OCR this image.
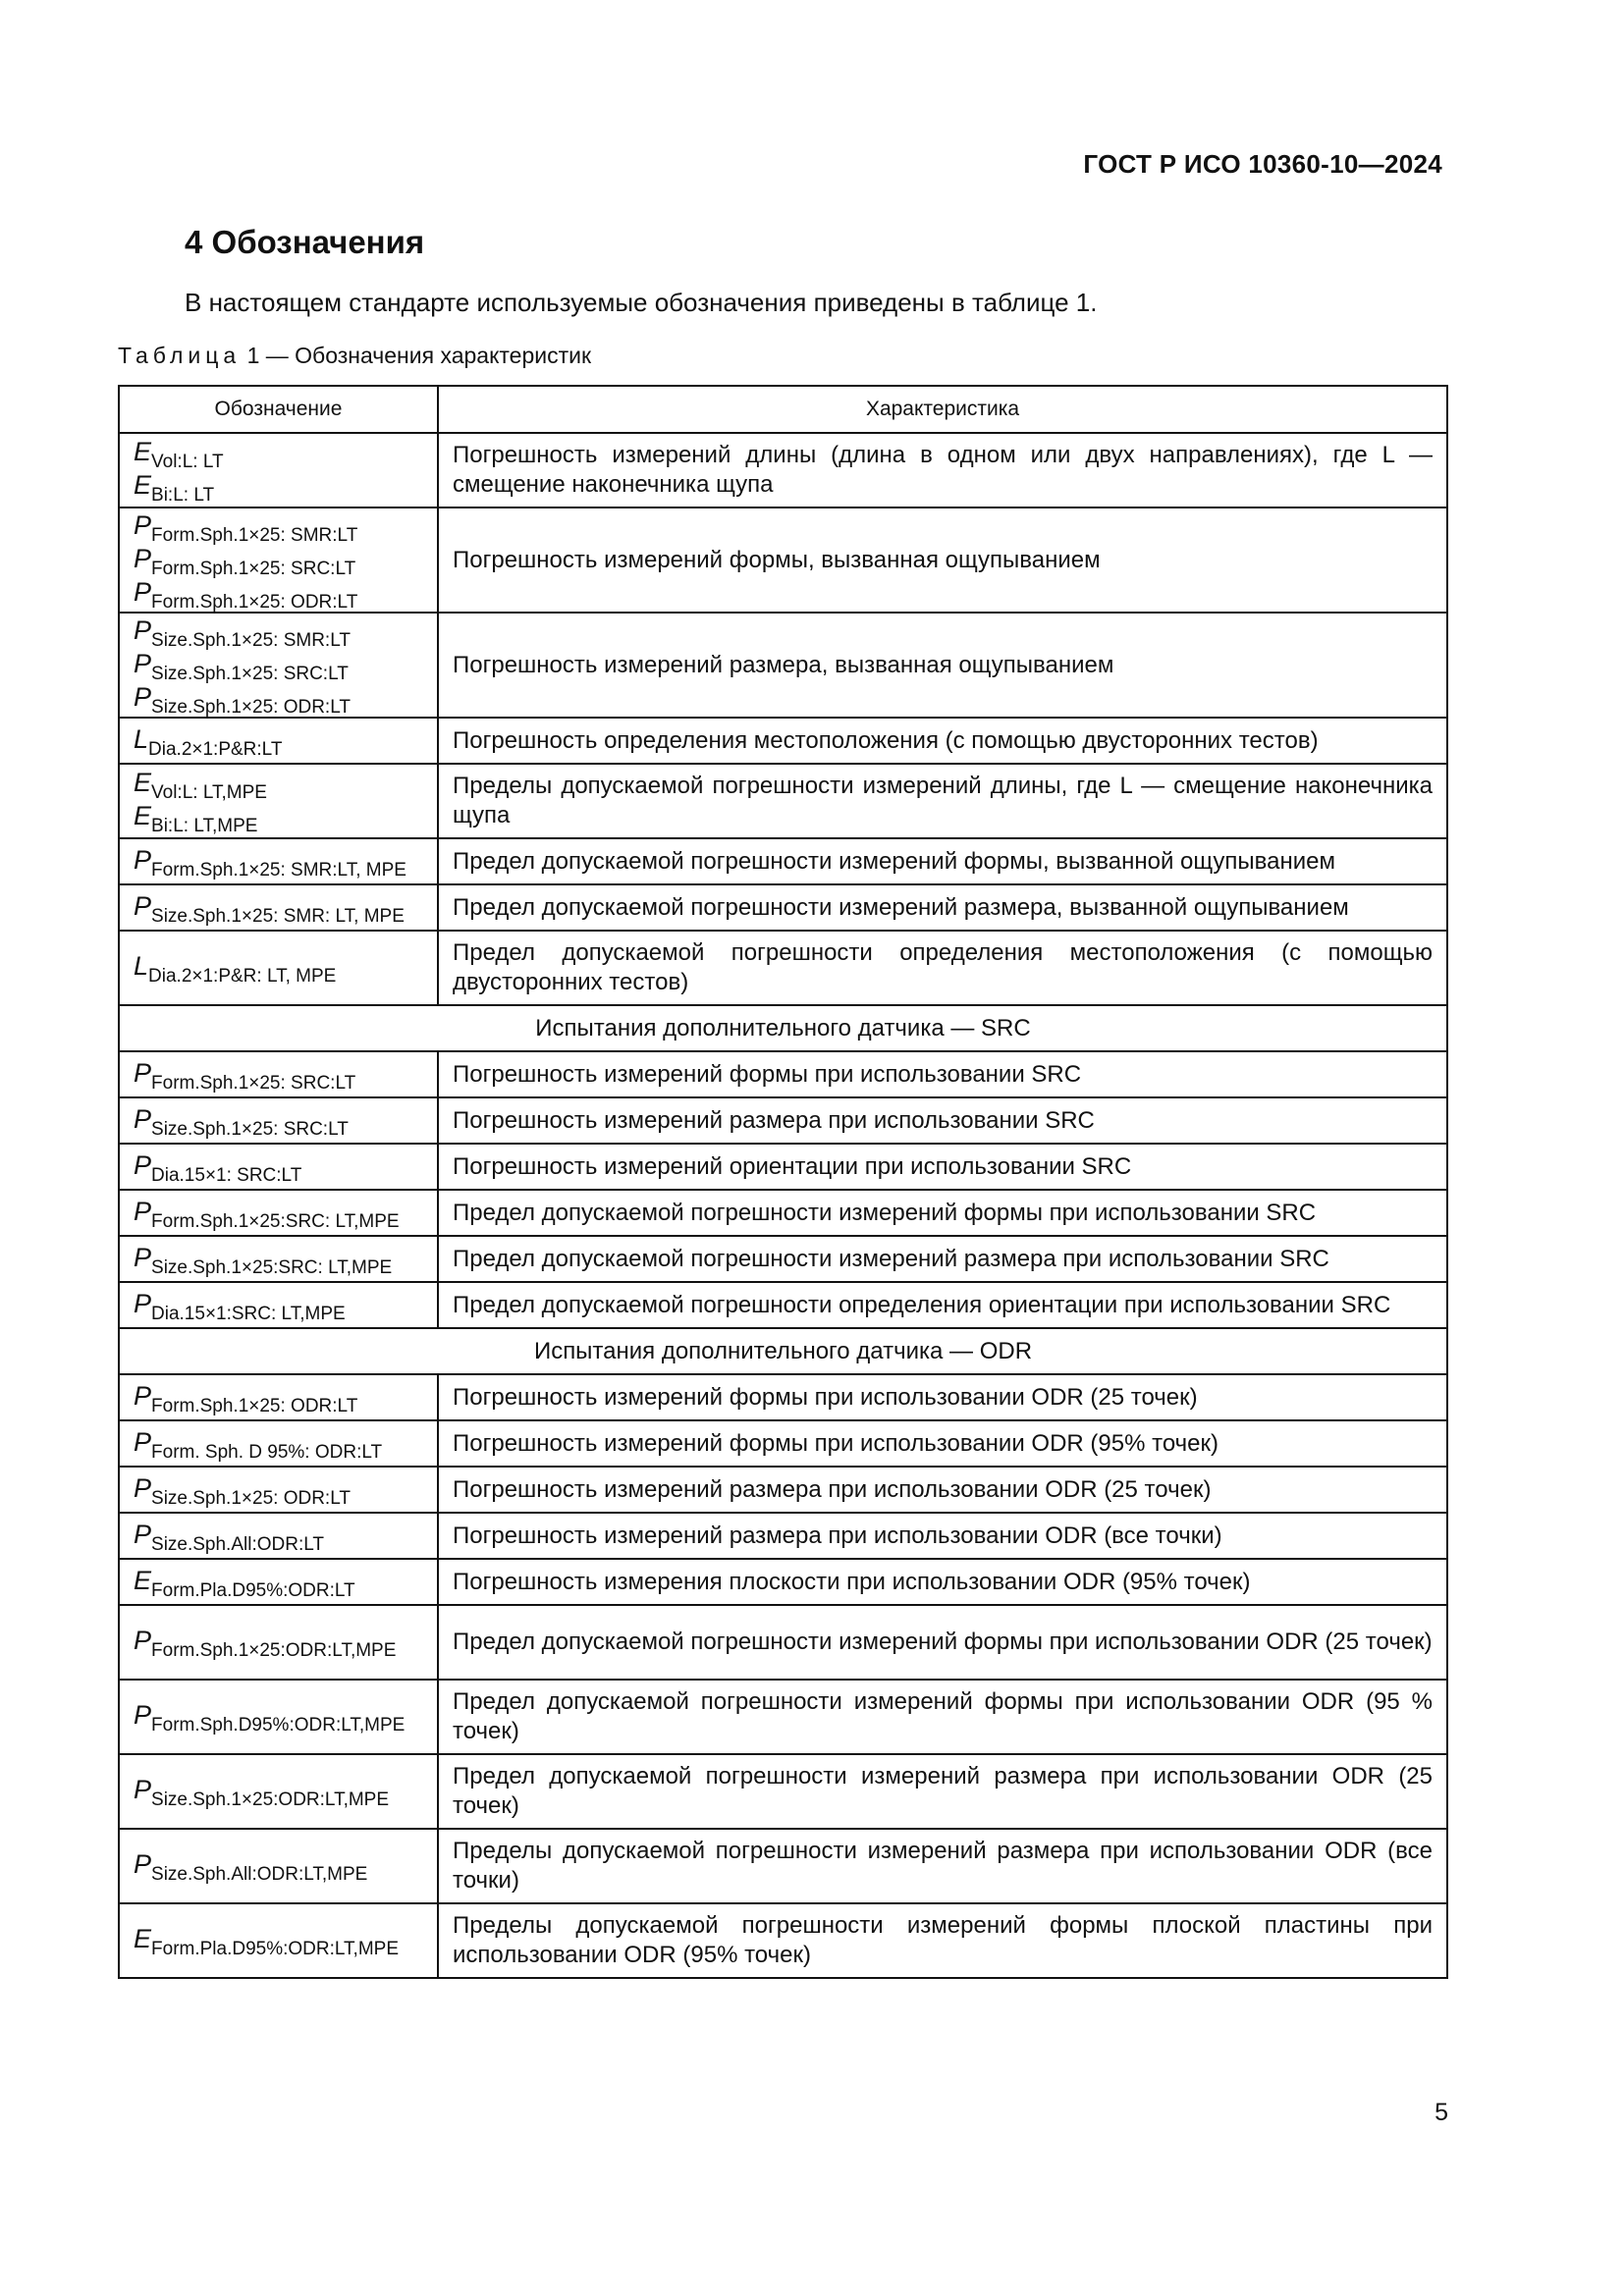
ГОСТ Р ИСО 10360-10—2024
4 Обозначения
В настоящем стандарте используемые обозначения приведены в таблице 1.
Таблица 1 — Обозначения характеристик
Обозначение	Характеристика

EVol:L: LT
EBi:L: LT	Погрешность измерений длины (длина в одном или двух направлениях), где L — смещение наконечника щупа

PForm.Sph.1×25: SMR:LT
PForm.Sph.1×25: SRC:LT
PForm.Sph.1×25: ODR:LT	Погрешность измерений формы, вызванная ощупыванием

PSize.Sph.1×25: SMR:LT
PSize.Sph.1×25: SRC:LT
PSize.Sph.1×25: ODR:LT	Погрешность измерений размера, вызванная ощупыванием

LDia.2×1:P&R:LT	Погрешность определения местоположения (с помощью двусторонних тестов)

EVol:L: LT,MPE
EBi:L: LT,MPE	Пределы допускаемой погрешности измерений длины, где L — смещение наконечника щупа

PForm.Sph.1×25: SMR:LT, MPE	Предел допускаемой погрешности измерений формы, вызванной ощупыванием

PSize.Sph.1×25: SMR: LT, MPE	Предел допускаемой погрешности измерений размера, вызванной ощупыванием

LDia.2×1:P&R: LT, MPE	Предел допускаемой погрешности определения местоположения (с помощью двусторонних тестов)
Испытания дополнительного датчика — SRC	

PForm.Sph.1×25: SRC:LT	Погрешность измерений формы при использовании SRC

PSize.Sph.1×25: SRC:LT	Погрешность измерений размера при использовании SRC

PDia.15×1: SRC:LT	Погрешность измерений ориентации при использовании SRC

PForm.Sph.1×25:SRC: LT,MPE	Предел допускаемой погрешности измерений формы при использовании SRC

PSize.Sph.1×25:SRC: LT,MPE	Предел допускаемой погрешности измерений размера при использовании SRC

PDia.15×1:SRC: LT,MPE	Предел допускаемой погрешности определения ориентации при использовании SRC
Испытания дополнительного датчика — ODR	

PForm.Sph.1×25: ODR:LT	Погрешность измерений формы при использовании ODR (25 точек)

PForm. Sph. D 95%: ODR:LT	Погрешность измерений формы при использовании ODR (95% точек)

PSize.Sph.1×25: ODR:LT	Погрешность измерений размера при использовании ODR (25 точек)

PSize.Sph.All:ODR:LT	Погрешность измерений размера при использовании ODR (все точки)

EForm.Pla.D95%:ODR:LT	Погрешность измерения плоскости при использовании ODR (95% точек)

PForm.Sph.1×25:ODR:LT,MPE	Предел допускаемой погрешности измерений формы при использовании ODR (25 точек)

PForm.Sph.D95%:ODR:LT,MPE	Предел допускаемой погрешности измерений формы при использовании ODR (95 % точек)

PSize.Sph.1×25:ODR:LT,MPE	Предел допускаемой погрешности измерений размера при использовании ODR (25 точек)

PSize.Sph.All:ODR:LT,MPE	Пределы допускаемой погрешности измерений размера при использовании ODR (все точки)

EForm.Pla.D95%:ODR:LT,MPE	Пределы допускаемой погрешности измерений формы плоской пластины при использовании ODR (95% точек)
5
